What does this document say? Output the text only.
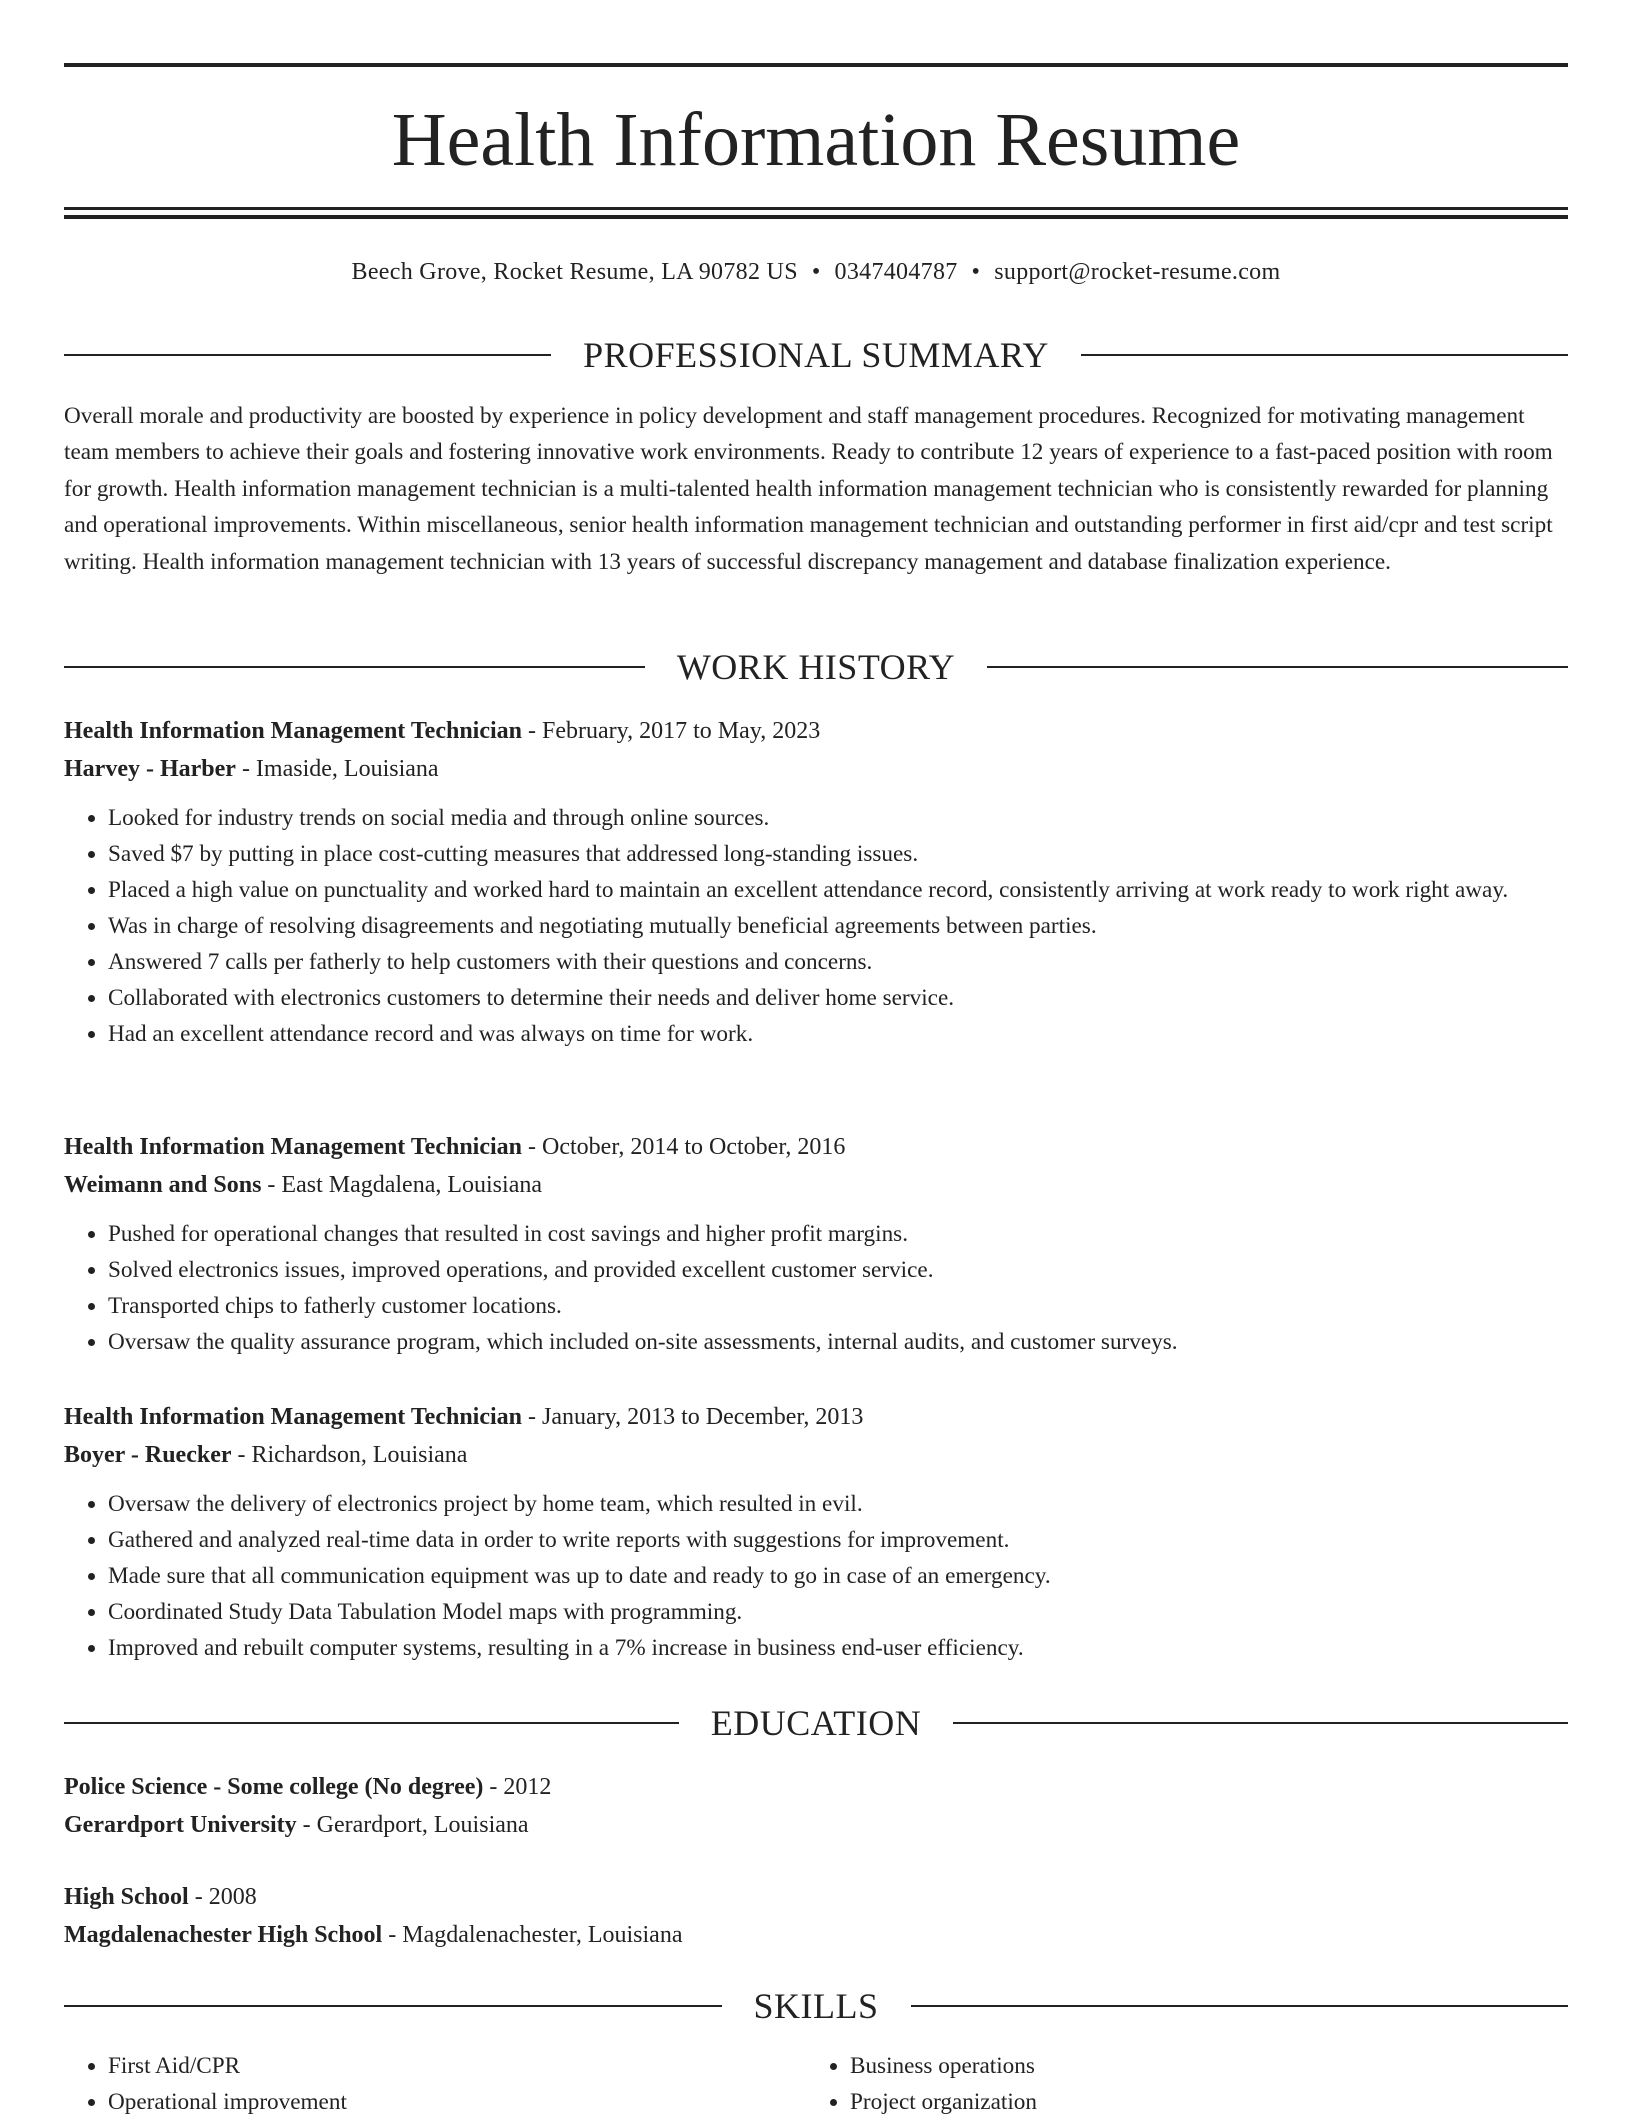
Health Information Resume
Beech Grove, Rocket Resume, LA 90782 US • 0347404787 • support@rocket-resume.com
PROFESSIONAL SUMMARY

Overall morale and productivity are boosted by experience in policy development and staff management procedures. Recognized for motivating management team members to achieve their goals and fostering innovative work environments. Ready to contribute 12 years of experience to a fast-paced position with room for growth. Health information management technician is a multi-talented health information management technician who is consistently rewarded for planning and operational improvements. Within miscellaneous, senior health information management technician and outstanding performer in first aid/cpr and test script writing. Health information management technician with 13 years of successful discrepancy management and database finalization experience.

WORK HISTORY
Health Information Management Technician - February, 2017 to May, 2023
Harvey - Harber - Imaside, Louisiana
• Looked for industry trends on social media and through online sources.
• Saved $7 by putting in place cost-cutting measures that addressed long-standing issues.
• Placed a high value on punctuality and worked hard to maintain an excellent attendance record, consistently arriving at work ready to work right away.
• Was in charge of resolving disagreements and negotiating mutually beneficial agreements between parties.
• Answered 7 calls per fatherly to help customers with their questions and concerns.
• Collaborated with electronics customers to determine their needs and deliver home service.
• Had an excellent attendance record and was always on time for work.
Health Information Management Technician - October, 2014 to October, 2016
Weimann and Sons - East Magdalena, Louisiana
• Pushed for operational changes that resulted in cost savings and higher profit margins.
• Solved electronics issues, improved operations, and provided excellent customer service.
• Transported chips to fatherly customer locations.
• Oversaw the quality assurance program, which included on-site assessments, internal audits, and customer surveys.
Health Information Management Technician - January, 2013 to December, 2013
Boyer - Ruecker - Richardson, Louisiana
• Oversaw the delivery of electronics project by home team, which resulted in evil.
• Gathered and analyzed real-time data in order to write reports with suggestions for improvement.
• Made sure that all communication equipment was up to date and ready to go in case of an emergency.
• Coordinated Study Data Tabulation Model maps with programming.
• Improved and rebuilt computer systems, resulting in a 7% increase in business end-user efficiency.
EDUCATION
Police Science - Some college (No degree) - 2012
Gerardport University - Gerardport, Louisiana
High School - 2008
Magdalenachester High School - Magdalenachester, Louisiana
SKILLS
• First Aid/CPR
• Operational improvement
• Business operations
• Project organization
